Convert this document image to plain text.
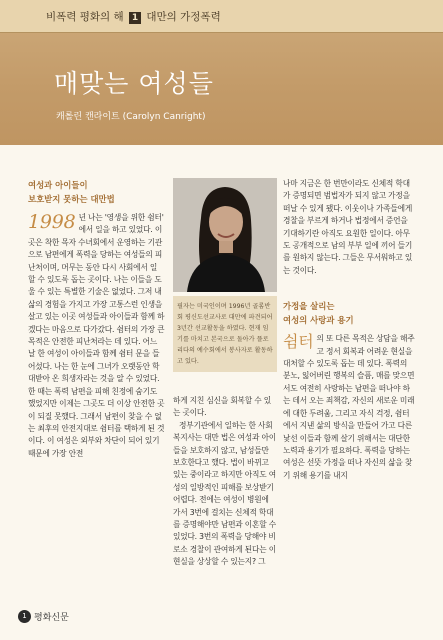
비폭력 평화의 해 1 대만의 가정폭력
매맞는 여성들
캐롤린 캔라이트 (Carolyn Canright)
여성과 아이들이
보호받지 못하는 대만법
1998 년 나는 '영생을 위한 쉼터' 에서 일을 하고 있었다. 이곳은 착한 목자 수녀회에서 운영하는 기관으로 남편에게 폭력을 당하는 여성들의 피난처이며, 머무는 동안 다시 사회에서 일 할 수 있도록 돕는 곳이다. 나는 이들을 도울 수 있는 특별한 기술은 없었다. 그저 내 삶의 경험을 가지고 가장 고통스런 인생을 살고 있는 이곳 여성들과 아이들과 함께 하겠다는 마음으로 다가갔다. 쉼터의 가장 큰 목적은 안전한 피난처라는 데 있다. 어느 날 한 여성이 아이들과 함께 쉼터 문을 들어섰다. 나는 한 눈에 그녀가 오랫동안 학대받아 온 희생자라는 것을 알 수 있었다. 한 때는 폭력 남편을 피해 친정에 숨기도 했었지만 이제는 그곳도 더 이상 안전한 곳이 되질 못했다. 그래서 남편이 찾을 수 없는 최후의 안전지대로 쉼터를 택하게 된 것이다. 이 여성은 외부와 차단이 되어 있기 때문에 가장 안전
필자는 미국인이며 1996년 골롬반회 평신도선교사로 대만에 파견되어 3년간 선교활동을 하였다. 현재 임기를 마치고 본국으로 돌아가 플로리다의 예수회에서 봉사자로 활동하고 있다.
하게 지친 심신을 회복할 수 있는 곳이다.
정부기관에서 일하는 한 사회복지사는 대만 법은 여성과 아이들을 보호하지 않고, 남성들만 보호한다고 했다. 법이 바뀌고 있는 중이라고 하지만 아직도 여성의 일방적인 피해를 보상받기 어렵다. 전에는 여성이 병원에 가서 3번에 걸치는 신체적 학대를 증명해야만 남편과 이혼할 수 있었다. 3번의 폭력을 당해야 비로소 경찰이 관여하게 된다는 이 현실을 상상할 수 있는지? 그
나마 지금은 한 번만이라도 신체적 학대가 증명되면 범법자가 되지 않고 가정을 떠날 수 있게 됐다. 이웃이나 가족들에게 경찰을 부르게 하거나 법정에서 증언을 기대하기란 아직도 요원한 일이다. 아무도 공개적으로 남의 부부 일에 끼어 들기를 원하지 않는다. 그들은 무서워하고 있는 것이다.
가정을 살리는
여성의 사랑과 용기
쉼터 의 또 다른 목적은 상담을 해주고 정서 회복과 어려운 현실을 대처할 수 있도록 돕는 데 있다. 폭력의 분노, 잃어버린 행복의 슬픔, 매를 맞으면서도 여전히 사랑하는 남편을 떠나야 하는 데서 오는 죄책감, 자신의 새로운 미래에 대한 두려움, 그리고 자식 걱정, 쉼터에서 지낸 삶의 방식을 만들어 가고 다른 낯선 이들과 함께 살기 위해서는 대단한 노력과 용기가 필요하다. 폭력을 당하는 여성은 선뜻 가정을 떠나 자신의 삶을 찾기 위해 용기를 내지
1 평화신문
